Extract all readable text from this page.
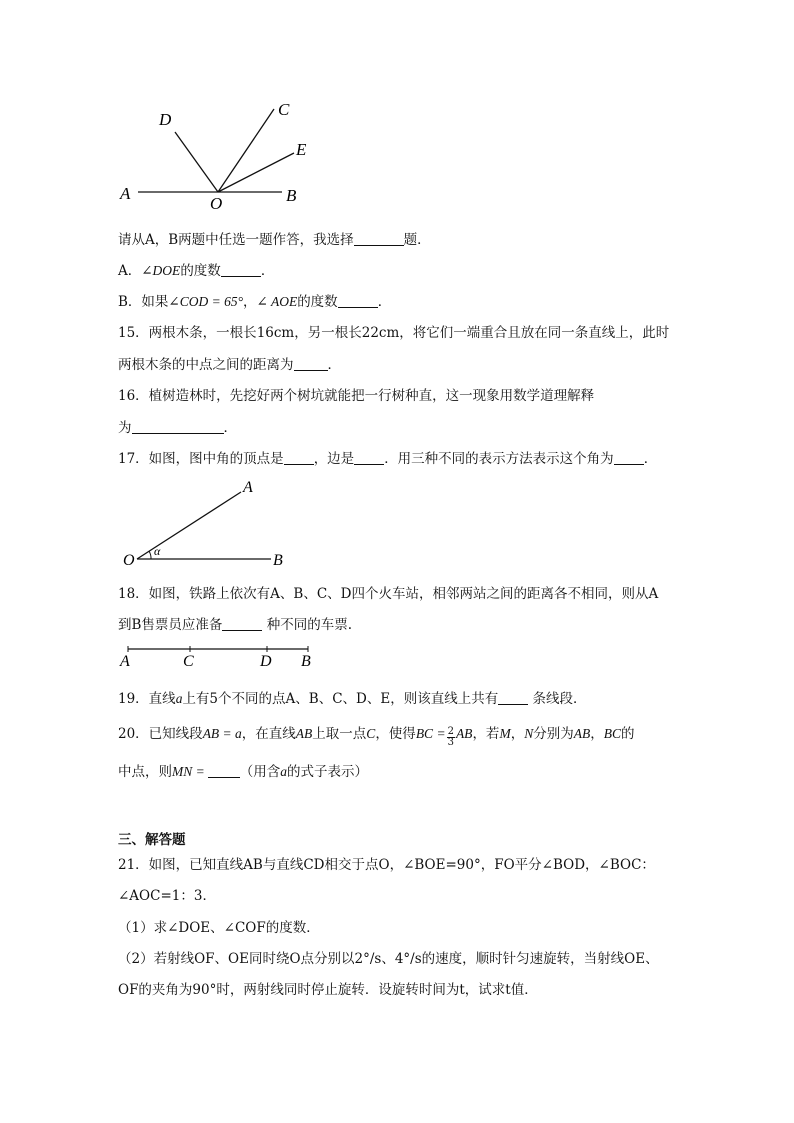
A	B
O
D
C
E
请从A，B两题中任选一题作答，我选择	题．
A．∠DOE的度数	．
B．如果∠COD = 65°，∠ AOE的度数	．
15．两根木条，一根长16cm，另一根长22cm，将它们一端重合且放在同一条直线上，此时
两根木条的中点之间的距离为	．
16．植树造林时，先挖好两个树坑就能把一行树种直，这一现象用数学道理解释
为	．
17．如图，图中角的顶点是 ，边是 ．用三种不同的表示方法表示这个角为 ．
A
O	B
α
18．如图，铁路上依次有A、B、C、D四个火车站，相邻两站之间的距离各不相同，则从A
到B售票员应准备	种不同的车票.
A	C	D B
19．直线a上有5个不同的点A、B、C、D、E，则该直线上共有 条线段．
20．已知线段AB = a，在直线AB上取一点C，使得BC = $\frac{2}{3}$ AB，若M，N分别为AB，BC的
中点，则MN =	（用含a的式子表示）
三、解答题
21．如图，已知直线AB与直线CD相交于点O，∠BOE=90°，FO平分∠BOD，∠BOC：
∠AOC=1：3．
（1）求∠DOE、∠COF的度数．
（2）若射线OF、OE同时绕O点分别以2°/s、4°/s的速度，顺时针匀速旋转，当射线OE、
OF的夹角为90°时，两射线同时停止旋转．设旋转时间为t，试求t值．
